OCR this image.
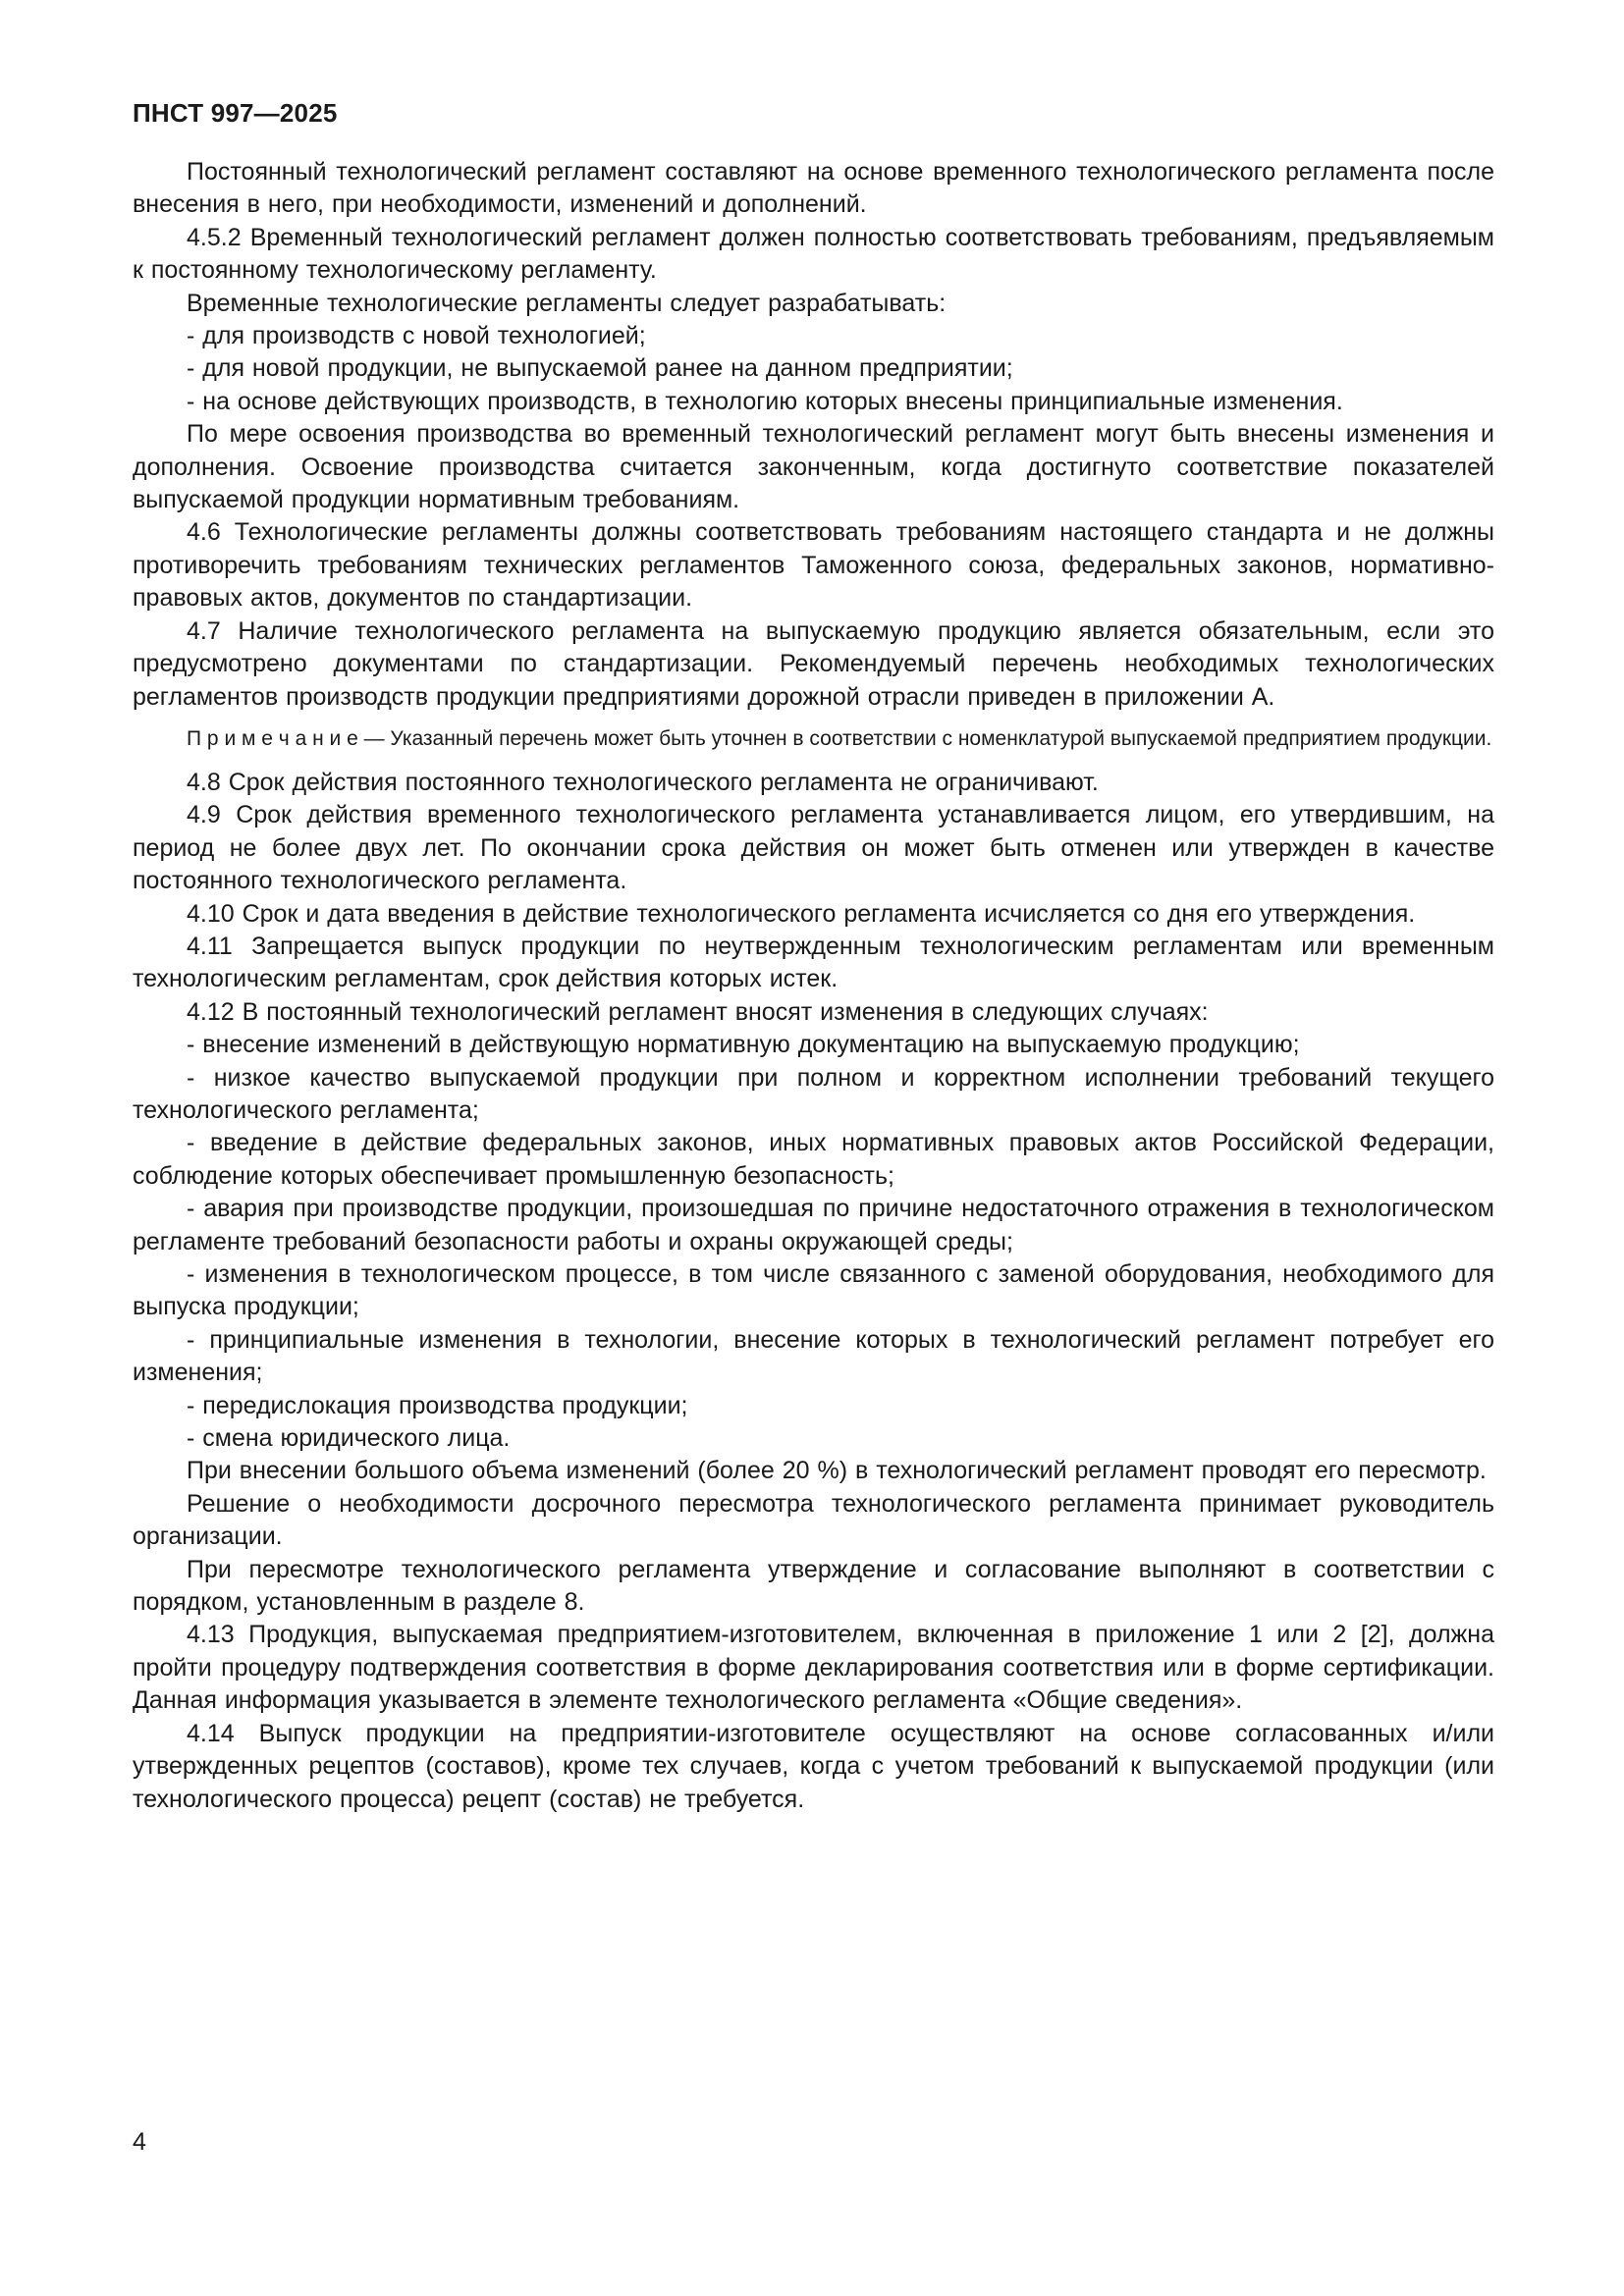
ПНСТ 997—2025

Постоянный технологический регламент составляют на основе временного технологического регламента после внесения в него, при необходимости, изменений и дополнений.

4.5.2 Временный технологический регламент должен полностью соответствовать требованиям, предъявляемым к постоянному технологическому регламенту.

Временные технологические регламенты следует разрабатывать:

- для производств с новой технологией;

- для новой продукции, не выпускаемой ранее на данном предприятии;

- на основе действующих производств, в технологию которых внесены принципиальные изменения.

По мере освоения производства во временный технологический регламент могут быть внесены изменения и дополнения. Освоение производства считается законченным, когда достигнуто соответствие показателей выпускаемой продукции нормативным требованиям.

4.6 Технологические регламенты должны соответствовать требованиям настоящего стандарта и не должны противоречить требованиям технических регламентов Таможенного союза, федеральных законов, нормативно-правовых актов, документов по стандартизации.

4.7 Наличие технологического регламента на выпускаемую продукцию является обязательным, если это предусмотрено документами по стандартизации. Рекомендуемый перечень необходимых технологических регламентов производств продукции предприятиями дорожной отрасли приведен в приложении А.

П р и м е ч а н и е — Указанный перечень может быть уточнен в соответствии с номенклатурой выпускаемой предприятием продукции.

4.8 Срок действия постоянного технологического регламента не ограничивают.

4.9 Срок действия временного технологического регламента устанавливается лицом, его утвердившим, на период не более двух лет. По окончании срока действия он может быть отменен или утвержден в качестве постоянного технологического регламента.

4.10 Срок и дата введения в действие технологического регламента исчисляется со дня его утверждения.

4.11 Запрещается выпуск продукции по неутвержденным технологическим регламентам или временным технологическим регламентам, срок действия которых истек.

4.12 В постоянный технологический регламент вносят изменения в следующих случаях:

- внесение изменений в действующую нормативную документацию на выпускаемую продукцию;

- низкое качество выпускаемой продукции при полном и корректном исполнении требований текущего технологического регламента;

- введение в действие федеральных законов, иных нормативных правовых актов Российской Федерации, соблюдение которых обеспечивает промышленную безопасность;

- авария при производстве продукции, произошедшая по причине недостаточного отражения в технологическом регламенте требований безопасности работы и охраны окружающей среды;

- изменения в технологическом процессе, в том числе связанного с заменой оборудования, необходимого для выпуска продукции;

- принципиальные изменения в технологии, внесение которых в технологический регламент потребует его изменения;

- передислокация производства продукции;

- смена юридического лица.

При внесении большого объема изменений (более 20 %) в технологический регламент проводят его пересмотр.

Решение о необходимости досрочного пересмотра технологического регламента принимает руководитель организации.

При пересмотре технологического регламента утверждение и согласование выполняют в соответствии с порядком, установленным в разделе 8.

4.13 Продукция, выпускаемая предприятием-изготовителем, включенная в приложение 1 или 2 [2], должна пройти процедуру подтверждения соответствия в форме декларирования соответствия или в форме сертификации. Данная информация указывается в элементе технологического регламента «Общие сведения».

4.14 Выпуск продукции на предприятии-изготовителе осуществляют на основе согласованных и/или утвержденных рецептов (составов), кроме тех случаев, когда с учетом требований к выпускаемой продукции (или технологического процесса) рецепт (состав) не требуется.

4
